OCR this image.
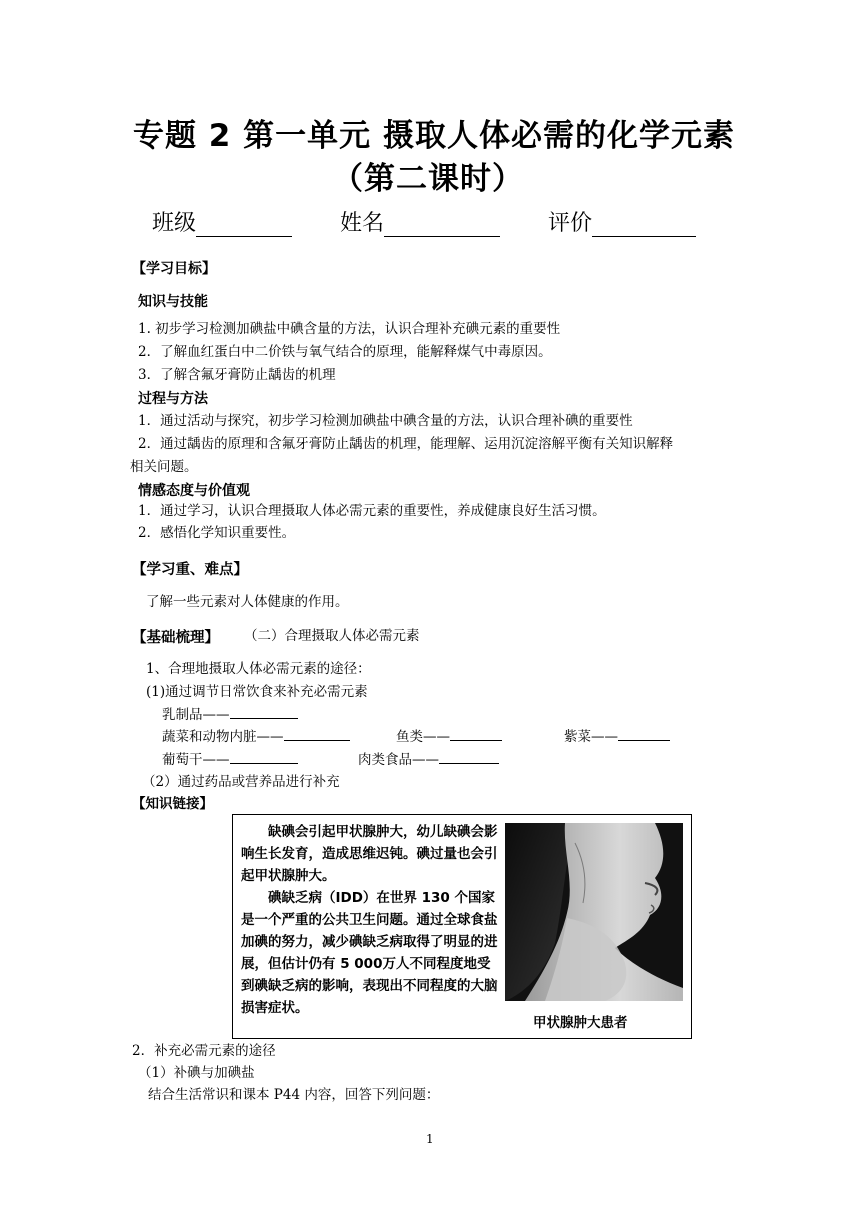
专题 2 第一单元 摄取人体必需的化学元素
（第二课时）
班级	姓名	评价
【学习目标】
知识与技能
1. 初步学习检测加碘盐中碘含量的方法，认识合理补充碘元素的重要性
2．了解血红蛋白中二价铁与氧气结合的原理，能解释煤气中毒原因。
3．了解含氟牙膏防止龋齿的机理
过程与方法
1．通过活动与探究，初步学习检测加碘盐中碘含量的方法，认识合理补碘的重要性
2．通过龋齿的原理和含氟牙膏防止龋齿的机理，能理解、运用沉淀溶解平衡有关知识解释
相关问题。
情感态度与价值观
1．通过学习，认识合理摄取人体必需元素的重要性，养成健康良好生活习惯。
2．感悟化学知识重要性。
【学习重、难点】
了解一些元素对人体健康的作用。
【基础梳理】 （二）合理摄取人体必需元素
1、合理地摄取人体必需元素的途径：
(1)通过调节日常饮食来补充必需元素
乳制品——
蔬菜和动物内脏——	鱼类——	紫菜——
葡萄干——	肉类食品——
（2）通过药品或营养品进行补充
【知识链接】

缺碘会引起甲状腺肿大，幼儿缺碘会影响生长发育，造成思维迟钝。碘过量也会引起甲状腺肿大。

碘缺乏病（IDD）在世界 130 个国家是一个严重的公共卫生问题。通过全球食盐加碘的努力，减少碘缺乏病取得了明显的进展，但估计仍有 5 000万人不同程度地受到碘缺乏病的影响，表现出不同程度的大脑损害症状。

甲状腺肿大患者
2．补充必需元素的途径
（1）补碘与加碘盐
结合生活常识和课本 P44 内容，回答下列问题：
1
